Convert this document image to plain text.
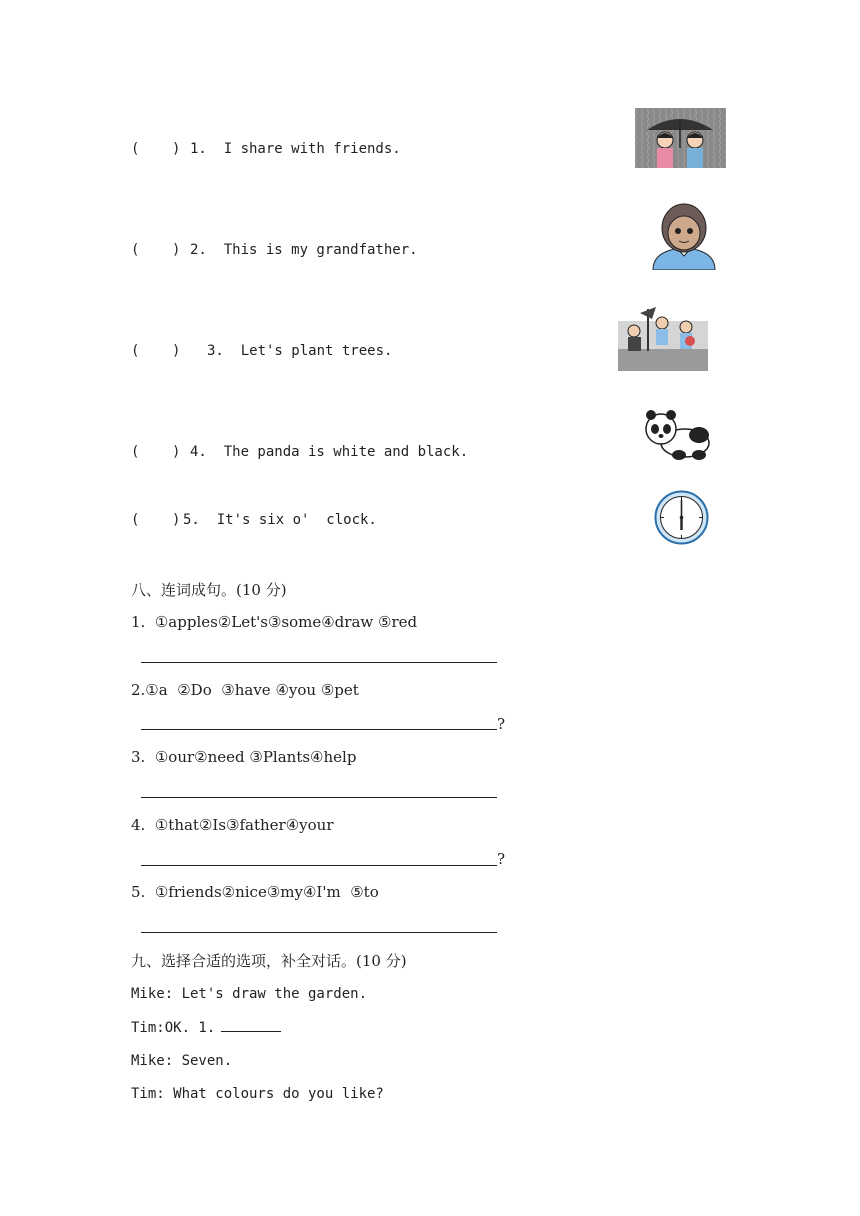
( ) 1.  I share with friends.
( ) 2.  This is my grandfather.
( ) 3.  Let's plant trees.
( ) 4.  The panda is white and black.
( ) 5.  It's six o'  clock.
八、连词成句。(10 分)
1.  ①apples②Let's③some④draw ⑤red
2.①a  ②Do  ③have ④you ⑤pet
?
3.  ①our②need ③Plants④help
4.  ①that②Is③father④your
?
5.  ①friends②nice③my④I'm  ⑤to
九、选择合适的选项，补全对话。(10 分)
Mike: Let's draw the garden.
Tim:OK. 1.
Mike: Seven.
Tim: What colours do you like?
